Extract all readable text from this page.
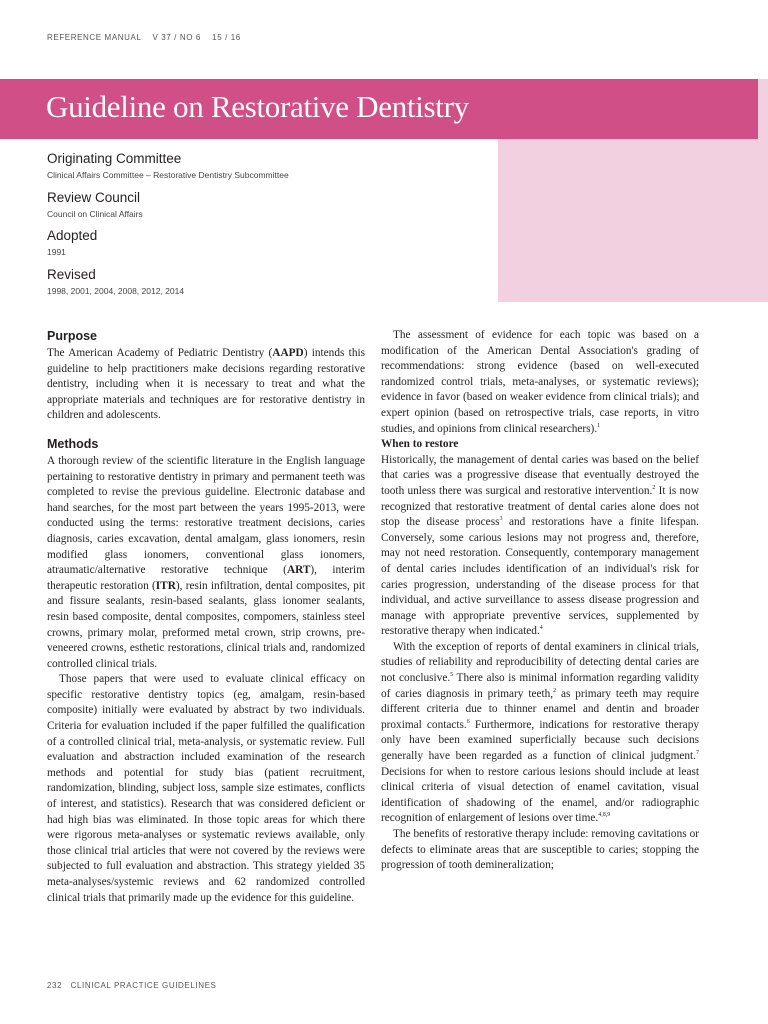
REFERENCE MANUAL    V 37 / NO 6    15 / 16
Guideline on Restorative Dentistry

Originating Committee

Clinical Affairs Committee – Restorative Dentistry Subcommittee

Review Council

Council on Clinical Affairs

Adopted

1991

Revised

1998, 2001, 2004, 2008, 2012, 2014

Purpose

The American Academy of Pediatric Dentistry (AAPD) intends this guideline to help practitioners make decisions regarding restorative dentistry, including when it is necessary to treat and what the appropriate materials and techniques are for restorative dentistry in children and adolescents.

Methods

A thorough review of the scientific literature in the English language pertaining to restorative dentistry in primary and permanent teeth was completed to revise the previous guideline. Electronic database and hand searches, for the most part between the years 1995-2013, were conducted using the terms: restorative treatment decisions, caries diagnosis, caries excavation, dental amalgam, glass ionomers, resin modified glass ionomers, conventional glass ionomers, atraumatic/alternative restorative technique (ART), interim therapeutic restoration (ITR), resin infiltration, dental composites, pit and fissure sealants, resin-based sealants, glass ionomer sealants, resin based composite, dental composites, compomers, stainless steel crowns, primary molar, preformed metal crown, strip crowns, pre-veneered crowns, esthetic restorations, clinical trials and, randomized controlled clinical trials.

Those papers that were used to evaluate clinical efficacy on specific restorative dentistry topics (eg, amalgam, resin-based composite) initially were evaluated by abstract by two individuals. Criteria for evaluation included if the paper fulfilled the qualification of a controlled clinical trial, meta-analysis, or systematic review. Full evaluation and abstraction included examination of the research methods and potential for study bias (patient recruitment, randomization, blinding, subject loss, sample size estimates, conflicts of interest, and statistics). Research that was considered deficient or had high bias was eliminated. In those topic areas for which there were rigorous meta-analyses or systematic reviews available, only those clinical trial articles that were not covered by the reviews were subjected to full evaluation and abstraction. This strategy yielded 35 meta-analyses/systemic reviews and 62 randomized controlled clinical trials that primarily made up the evidence for this guideline.

The assessment of evidence for each topic was based on a modification of the American Dental Association's grading of recommendations: strong evidence (based on well-executed randomized control trials, meta-analyses, or systematic reviews); evidence in favor (based on weaker evidence from clinical trials); and expert opinion (based on retrospective trials, case reports, in vitro studies, and opinions from clinical researchers).$^1$

When to restore

Historically, the management of dental caries was based on the belief that caries was a progressive disease that eventually destroyed the tooth unless there was surgical and restorative intervention.$^2$ It is now recognized that restorative treatment of dental caries alone does not stop the disease process$^3$ and restorations have a finite lifespan. Conversely, some carious lesions may not progress and, therefore, may not need restoration. Consequently, contemporary management of dental caries includes identification of an individual's risk for caries progression, understanding of the disease process for that individual, and active surveillance to assess disease progression and manage with appropriate preventive services, supplemented by restorative therapy when indicated.$^4$

With the exception of reports of dental examiners in clinical trials, studies of reliability and reproducibility of detecting dental caries are not conclusive.$^5$ There also is minimal information regarding validity of caries diagnosis in primary teeth,$^2$ as primary teeth may require different criteria due to thinner enamel and dentin and broader proximal contacts.$^6$ Furthermore, indications for restorative therapy only have been examined superficially because such decisions generally have been regarded as a function of clinical judgment.$^7$ Decisions for when to restore carious lesions should include at least clinical criteria of visual detection of enamel cavitation, visual identification of shadowing of the enamel, and/or radiographic recognition of enlargement of lesions over time.$^{4,8,9}$

The benefits of restorative therapy include: removing cavitations or defects to eliminate areas that are susceptible to caries; stopping the progression of tooth demineralization;

232   CLINICAL PRACTICE GUIDELINES
